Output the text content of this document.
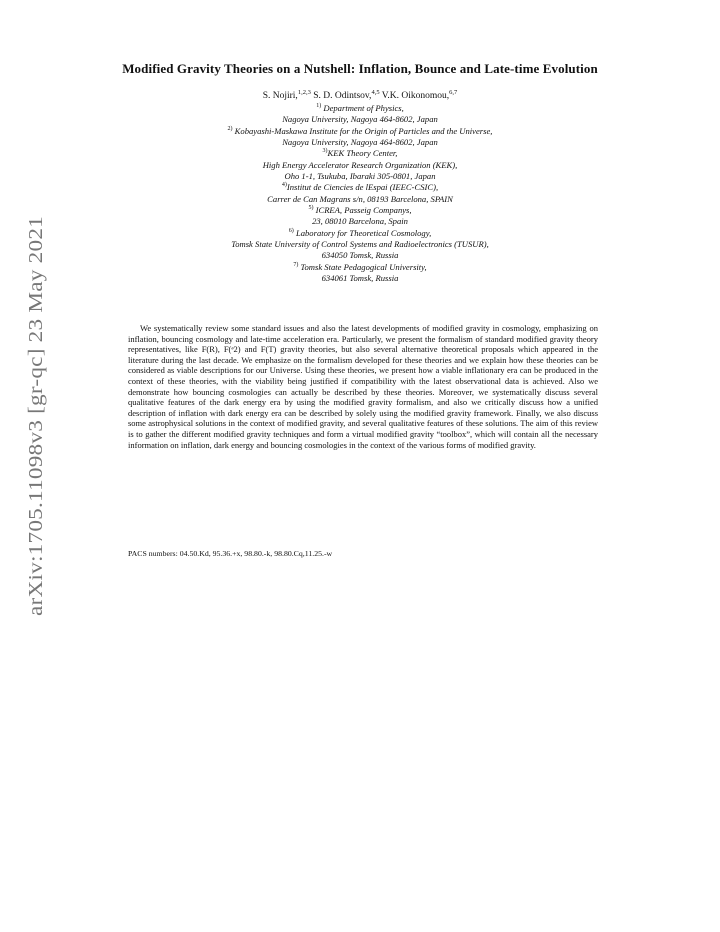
arXiv:1705.11098v3 [gr-qc] 23 May 2021
Modified Gravity Theories on a Nutshell: Inflation, Bounce and Late-time Evolution
S. Nojiri,$^{1,2,3}$ S. D. Odintsov,$^{4,5}$ V.K. Oikonomou,$^{6,7}$
$^{1)}$ Department of Physics,
Nagoya University, Nagoya 464-8602, Japan
$^{2)}$ Kobayashi-Maskawa Institute for the Origin of Particles and the Universe,
Nagoya University, Nagoya 464-8602, Japan
$^{3)}$KEK Theory Center,
High Energy Accelerator Research Organization (KEK),
Oho 1-1, Tsukuba, Ibaraki 305-0801, Japan
$^{4)}$Institut de Ciencies de lEspai (IEEC-CSIC),
Carrer de Can Magrans s/n, 08193 Barcelona, SPAIN
$^{5)}$ ICREA, Passeig Companys,
23, 08010 Barcelona, Spain
$^{6)}$ Laboratory for Theoretical Cosmology,
Tomsk State University of Control Systems and Radioelectronics (TUSUR),
634050 Tomsk, Russia
$^{7)}$ Tomsk State Pedagogical University,
634061 Tomsk, Russia

We systematically review some standard issues and also the latest developments of modified gravity in cosmology, emphasizing on inflation, bouncing cosmology and late-time acceleration era. Particularly, we present the formalism of standard modified gravity theory representatives, like F(R), F(ᵊ2) and F(T) gravity theories, but also several alternative theoretical proposals which appeared in the literature during the last decade. We emphasize on the formalism developed for these theories and we explain how these theories can be considered as viable descriptions for our Universe. Using these theories, we present how a viable inflationary era can be produced in the context of these theories, with the viability being justified if compatibility with the latest observational data is achieved. Also we demonstrate how bouncing cosmologies can actually be described by these theories. Moreover, we systematically discuss several qualitative features of the dark energy era by using the modified gravity formalism, and also we critically discuss how a unified description of inflation with dark energy era can be described by solely using the modified gravity framework. Finally, we also discuss some astrophysical solutions in the context of modified gravity, and several qualitative features of these solutions. The aim of this review is to gather the different modified gravity techniques and form a virtual modified gravity “toolbox”, which will contain all the necessary information on inflation, dark energy and bouncing cosmologies in the context of the various forms of modified gravity.

PACS numbers: 04.50.Kd, 95.36.+x, 98.80.-k, 98.80.Cq,11.25.-w
